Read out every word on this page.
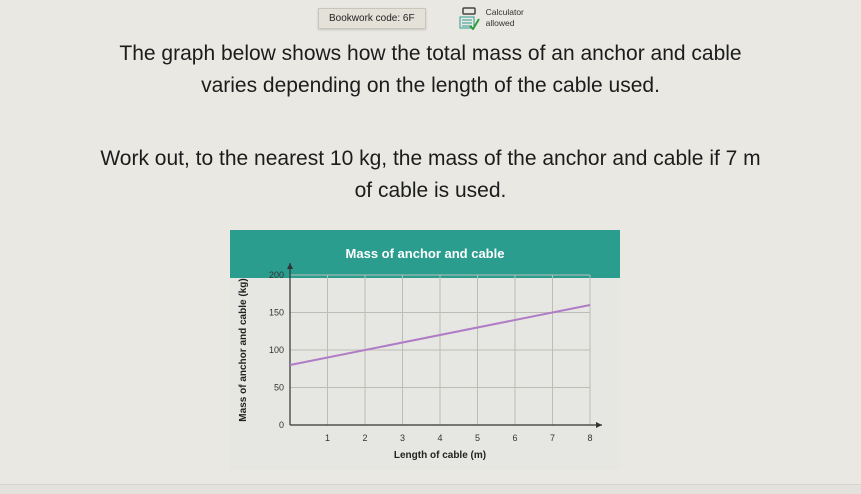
Bookwork code: 6F
Calculator
allowed
The graph below shows how the total mass of an anchor and cable
varies depending on the length of the cable used.
Work out, to the nearest 10 kg, the mass of the anchor and cable if 7 m
of cable is used.
Mass of anchor and cable
1	2	3	4	5	6	7	8
0
50
100
150
200
Length of cable (m)
Mass of anchor and cable (kg)
